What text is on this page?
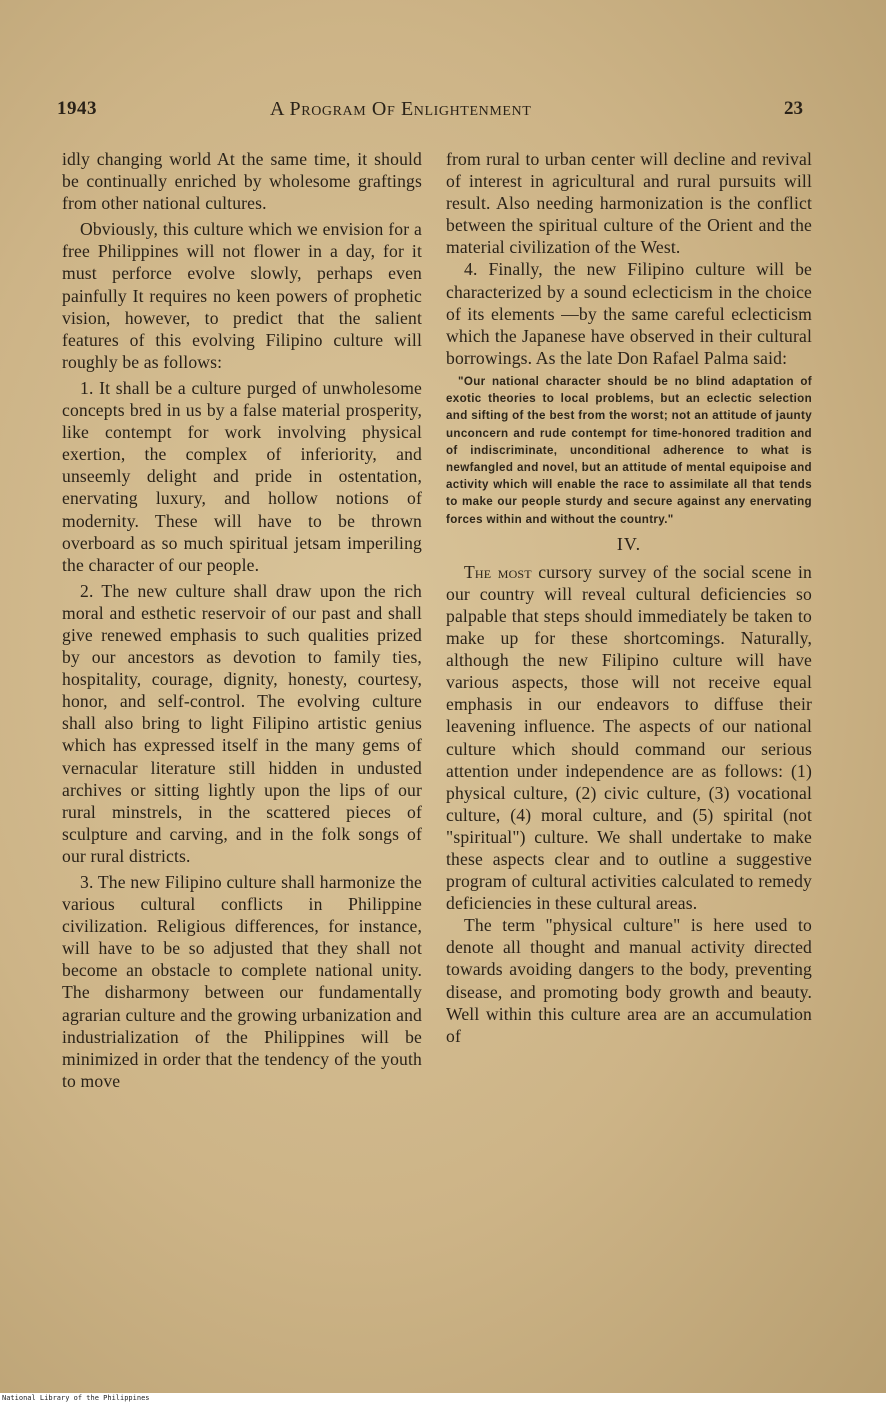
1943	A Program Of Enlightenment	23

idly changing world At the same time, it should be continually enriched by wholesome graftings from other national cultures.

Obviously, this culture which we envision for a free Philippines will not flower in a day, for it must perforce evolve slowly, perhaps even painfully It requires no keen powers of prophetic vision, however, to predict that the salient features of this evolving Filipino culture will roughly be as follows:

1. It shall be a culture purged of unwholesome concepts bred in us by a false material prosperity, like contempt for work involving physical exertion, the complex of inferiority, and unseemly delight and pride in ostentation, enervating luxury, and hollow notions of modernity. These will have to be thrown overboard as so much spiritual jetsam imperiling the character of our people.

2. The new culture shall draw upon the rich moral and esthetic reservoir of our past and shall give renewed emphasis to such qualities prized by our ancestors as devotion to family ties, hospitality, courage, dignity, honesty, courtesy, honor, and self-control. The evolving culture shall also bring to light Filipino artistic genius which has expressed itself in the many gems of vernacular literature still hidden in undusted archives or sitting lightly upon the lips of our rural minstrels, in the scattered pieces of sculpture and carving, and in the folk songs of our rural districts.

3. The new Filipino culture shall harmonize the various cultural conflicts in Philippine civilization. Religious differences, for instance, will have to be so adjusted that they shall not become an obstacle to complete national unity. The disharmony between our fundamentally agrarian culture and the growing urbanization and industrialization of the Philippines will be minimized in order that the tendency of the youth to move

from rural to urban center will decline and revival of interest in agricultural and rural pursuits will result. Also needing harmonization is the conflict between the spiritual culture of the Orient and the material civilization of the West.

4. Finally, the new Filipino culture will be characterized by a sound eclecticism in the choice of its elements —by the same careful eclecticism which the Japanese have observed in their cultural borrowings. As the late Don Rafael Palma said:

"Our national character should be no blind adaptation of exotic theories to local problems, but an eclectic selection and sifting of the best from the worst; not an attitude of jaunty unconcern and rude contempt for time-honored tradition and of indiscriminate, unconditional adherence to what is newfangled and novel, but an attitude of mental equipoise and activity which will enable the race to assimilate all that tends to make our people sturdy and secure against any enervating forces within and without the country."

IV.

The most cursory survey of the social scene in our country will reveal cultural deficiencies so palpable that steps should immediately be taken to make up for these shortcomings. Naturally, although the new Filipino culture will have various aspects, those will not receive equal emphasis in our endeavors to diffuse their leavening influence. The aspects of our national culture which should command our serious attention under independence are as follows: (1) physical culture, (2) civic culture, (3) vocational culture, (4) moral culture, and (5) spirital (not "spiritual") culture. We shall undertake to make these aspects clear and to outline a suggestive program of cultural activities calculated to remedy deficiencies in these cultural areas.

The term "physical culture" is here used to denote all thought and manual activity directed towards avoiding dangers to the body, preventing disease, and promoting body growth and beauty. Well within this culture area are an accumulation of

National Library of the Philippines
